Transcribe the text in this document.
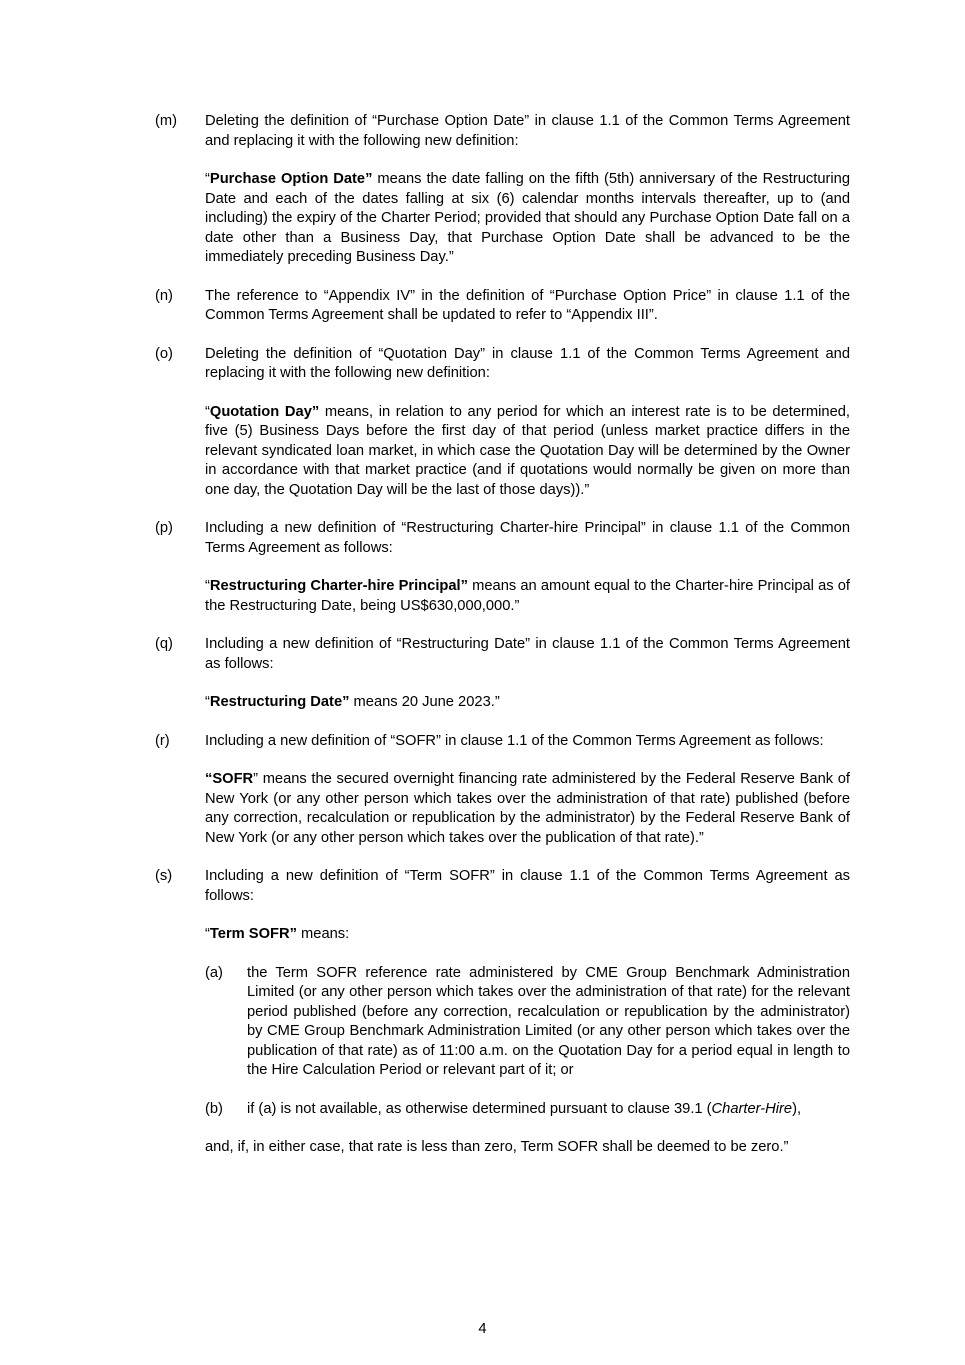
(m)	Deleting the definition of “Purchase Option Date” in clause 1.1 of the Common Terms Agreement and replacing it with the following new definition:
“Purchase Option Date” means the date falling on the fifth (5th) anniversary of the Restructuring Date and each of the dates falling at six (6) calendar months intervals thereafter, up to (and including) the expiry of the Charter Period; provided that should any Purchase Option Date fall on a date other than a Business Day, that Purchase Option Date shall be advanced to be the immediately preceding Business Day.”
(n)	The reference to “Appendix IV” in the definition of “Purchase Option Price” in clause 1.1 of the Common Terms Agreement shall be updated to refer to “Appendix III”.
(o)	Deleting the definition of “Quotation Day” in clause 1.1 of the Common Terms Agreement and replacing it with the following new definition:
“Quotation Day” means, in relation to any period for which an interest rate is to be determined, five (5) Business Days before the first day of that period (unless market practice differs in the relevant syndicated loan market, in which case the Quotation Day will be determined by the Owner in accordance with that market practice (and if quotations would normally be given on more than one day, the Quotation Day will be the last of those days)).”
(p)	Including a new definition of “Restructuring Charter-hire Principal” in clause 1.1 of the Common Terms Agreement as follows:
“Restructuring Charter-hire Principal” means an amount equal to the Charter-hire Principal as of the Restructuring Date, being US$630,000,000.”
(q)	Including a new definition of “Restructuring Date” in clause 1.1 of the Common Terms Agreement as follows:
“Restructuring Date” means 20 June 2023.”
(r)	Including a new definition of “SOFR” in clause 1.1 of the Common Terms Agreement as follows:
“SOFR” means the secured overnight financing rate administered by the Federal Reserve Bank of New York (or any other person which takes over the administration of that rate) published (before any correction, recalculation or republication by the administrator) by the Federal Reserve Bank of New York (or any other person which takes over the publication of that rate).”
(s)	Including a new definition of “Term SOFR” in clause 1.1 of the Common Terms Agreement as follows:
“Term SOFR” means:
(a)	the Term SOFR reference rate administered by CME Group Benchmark Administration Limited (or any other person which takes over the administration of that rate) for the relevant period published (before any correction, recalculation or republication by the administrator) by CME Group Benchmark Administration Limited (or any other person which takes over the publication of that rate) as of 11:00 a.m. on the Quotation Day for a period equal in length to the Hire Calculation Period or relevant part of it; or
(b)	if (a) is not available, as otherwise determined pursuant to clause 39.1 (Charter-Hire),
and, if, in either case, that rate is less than zero, Term SOFR shall be deemed to be zero.”
4
